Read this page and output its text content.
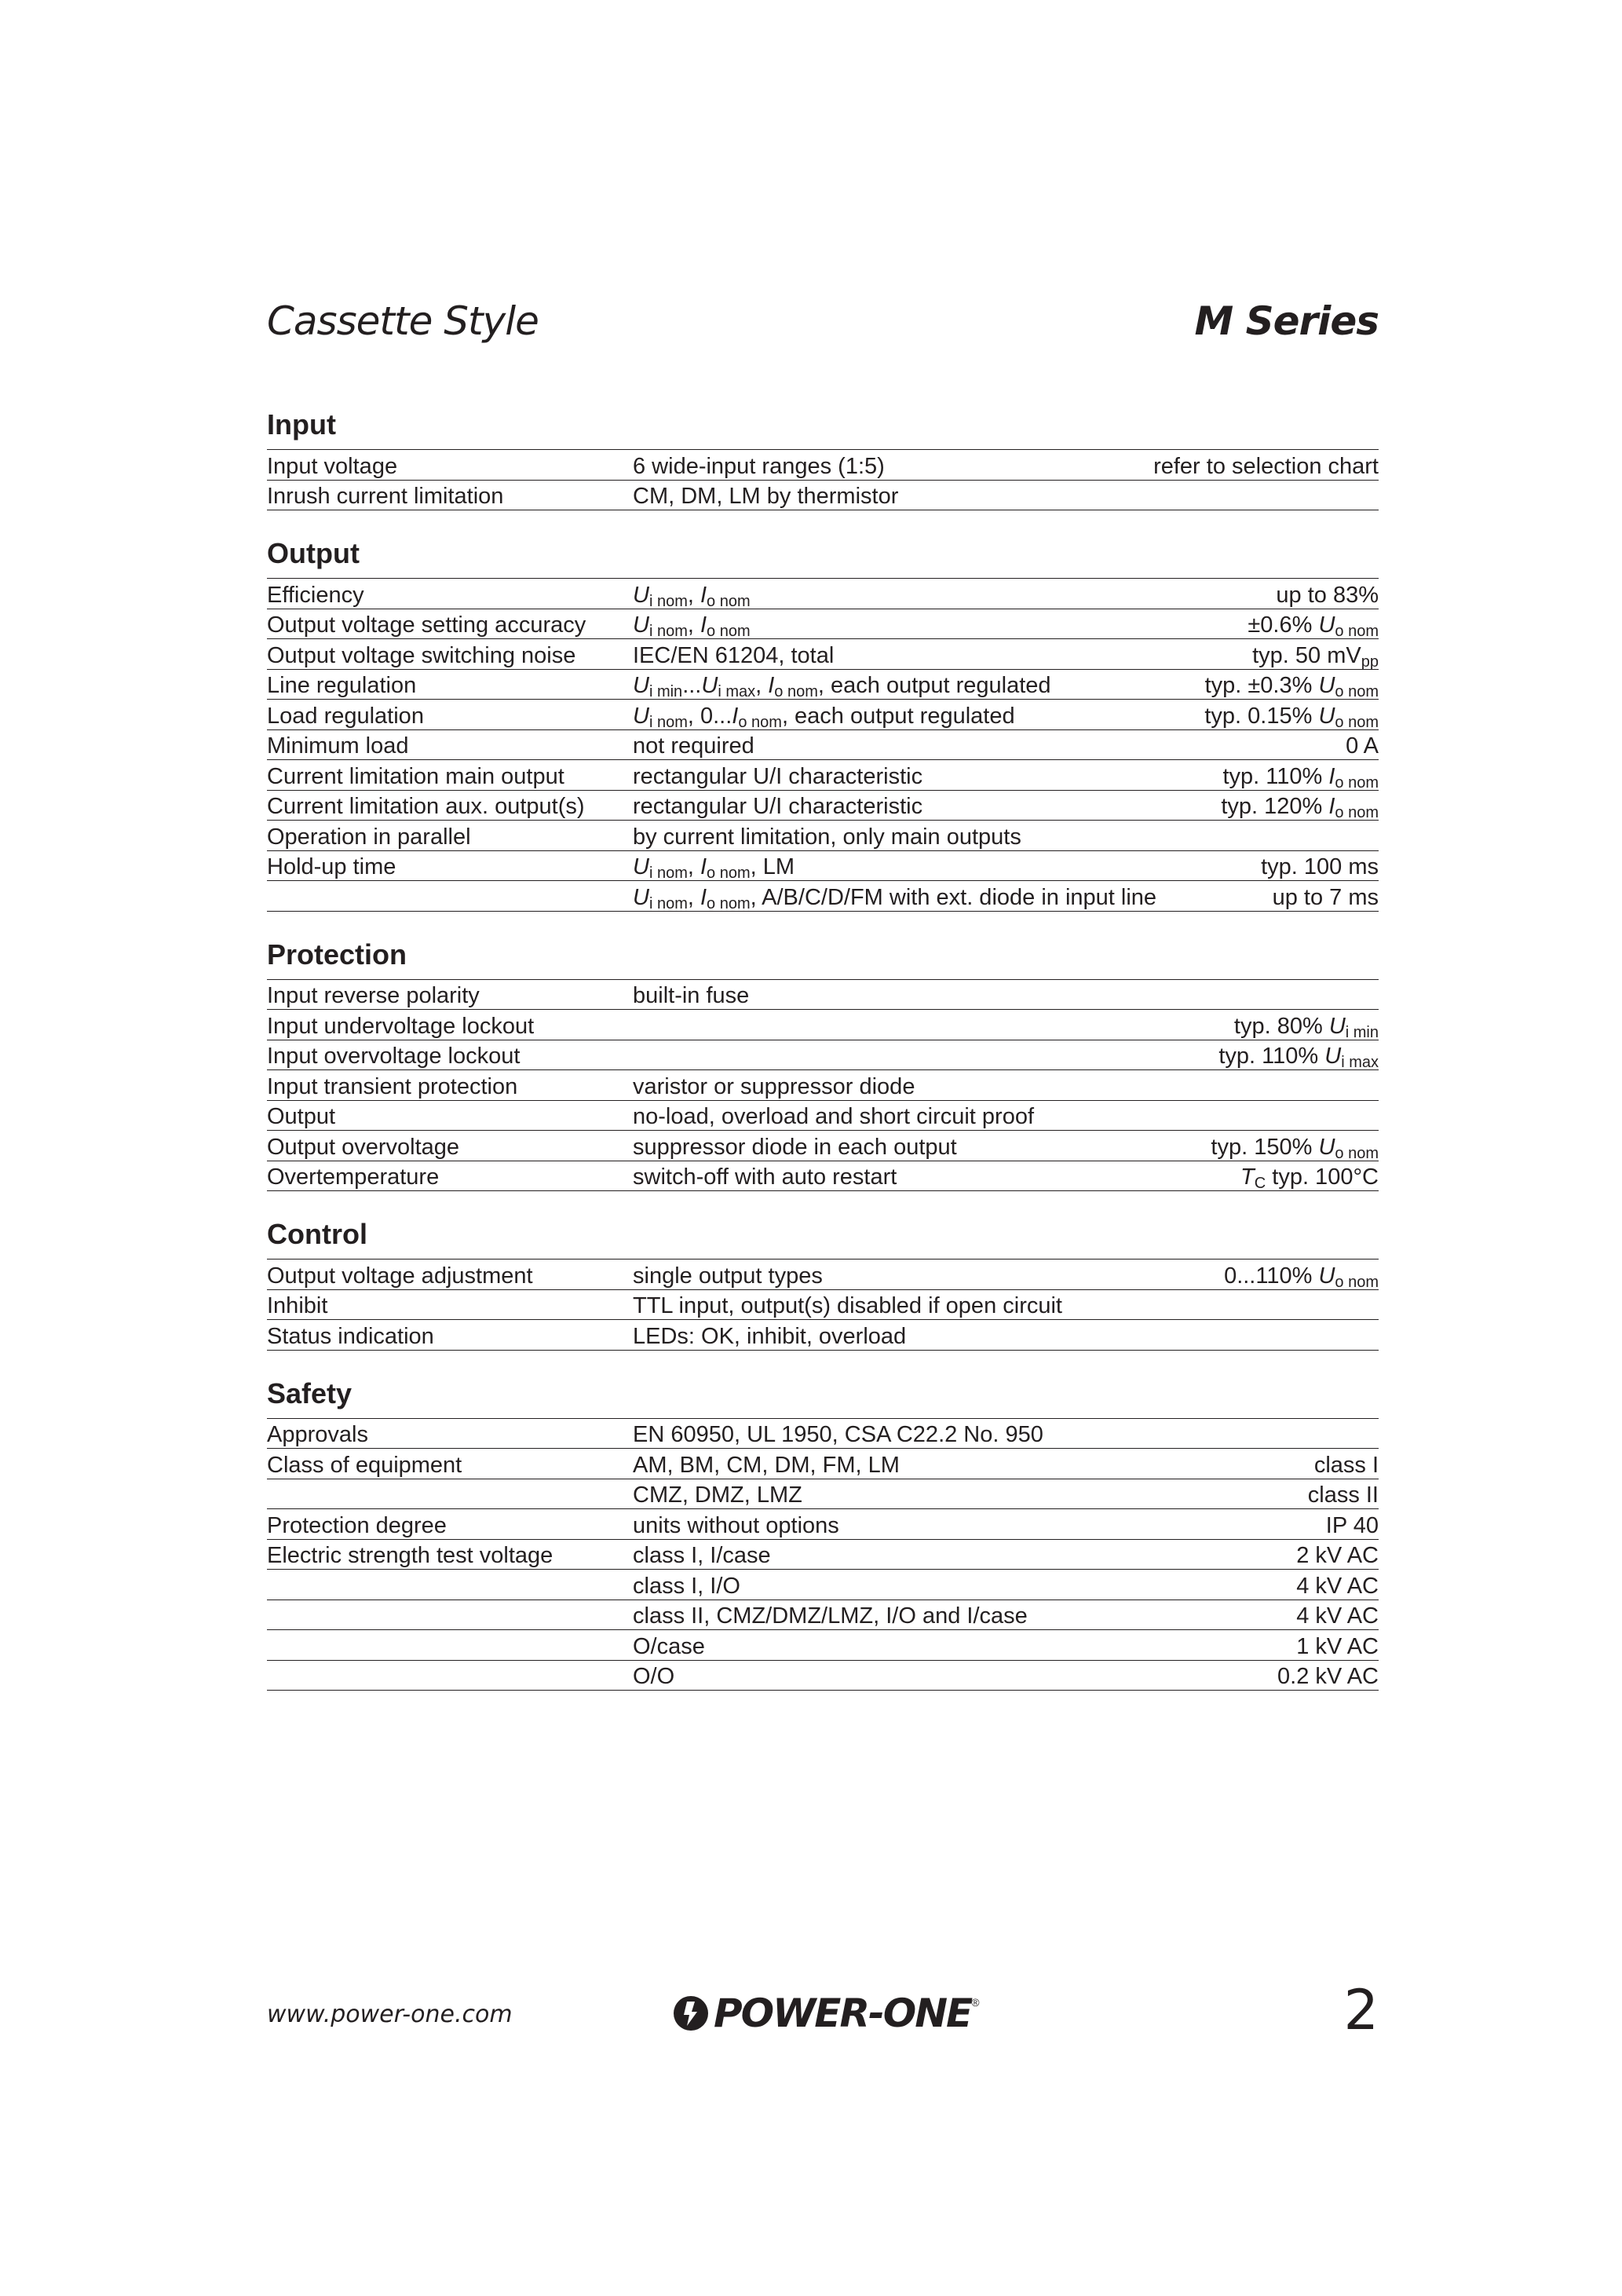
Cassette Style	M Series
Input
Input voltage	6 wide-input ranges (1:5)	refer to selection chart
Inrush current limitation	CM, DM, LM by thermistor	
Output
Efficiency	$U_{i nom}$, $I_{o nom}$	up to 83%
Output voltage setting accuracy	$U_{i nom}$, $I_{o nom}$	±0.6% $U_{o nom}$
Output voltage switching noise	IEC/EN 61204, total	typ. 50 $mV_{pp}$
Line regulation	$U_{i min}...U_{i max}$, $I_{o nom}$, each output regulated	typ. ±0.3% $U_{o nom}$
Load regulation	$U_{i nom}$, $0...I_{o nom}$, each output regulated	typ. 0.15% $U_{o nom}$
Minimum load	not required	0 A
Current limitation main output	rectangular U/I characteristic	typ. 110% $I_{o nom}$
Current limitation aux. output(s)	rectangular U/I characteristic	typ. 120% $I_{o nom}$
Operation in parallel	by current limitation, only main outputs	
Hold-up time	$U_{i nom}$, $I_{o nom}$, LM	typ. 100 ms
	$U_{i nom}$, $I_{o nom}$, A/B/C/D/FM with ext. diode in input line	up to 7 ms
Protection
Input reverse polarity	built-in fuse	
Input undervoltage lockout		typ. 80% $U_{i min}$
Input overvoltage lockout		typ. 110% $U_{i max}$
Input transient protection	varistor or suppressor diode	
Output	no-load, overload and short circuit proof	
Output overvoltage	suppressor diode in each output	typ. 150% $U_{o nom}$
Overtemperature	switch-off with auto restart	$T_C$ typ. 100°C
Control
Output voltage adjustment	single output types	0...110% $U_{o nom}$
Inhibit	TTL input, output(s) disabled if open circuit	
Status indication	LEDs: OK, inhibit, overload	
Safety
Approvals	EN 60950, UL 1950, CSA C22.2 No. 950	
Class of equipment	AM, BM, CM, DM, FM, LM	class I
	CMZ, DMZ, LMZ	class II
Protection degree	units without options	IP 40
Electric strength test voltage	class I, I/case	2 kV AC
	class I, I/O	4 kV AC
	class II, CMZ/DMZ/LMZ, I/O and I/case	4 kV AC
	O/case	1 kV AC
	O/O	0.2 kV AC
www.power-one.com	POWER-ONE ®	2
